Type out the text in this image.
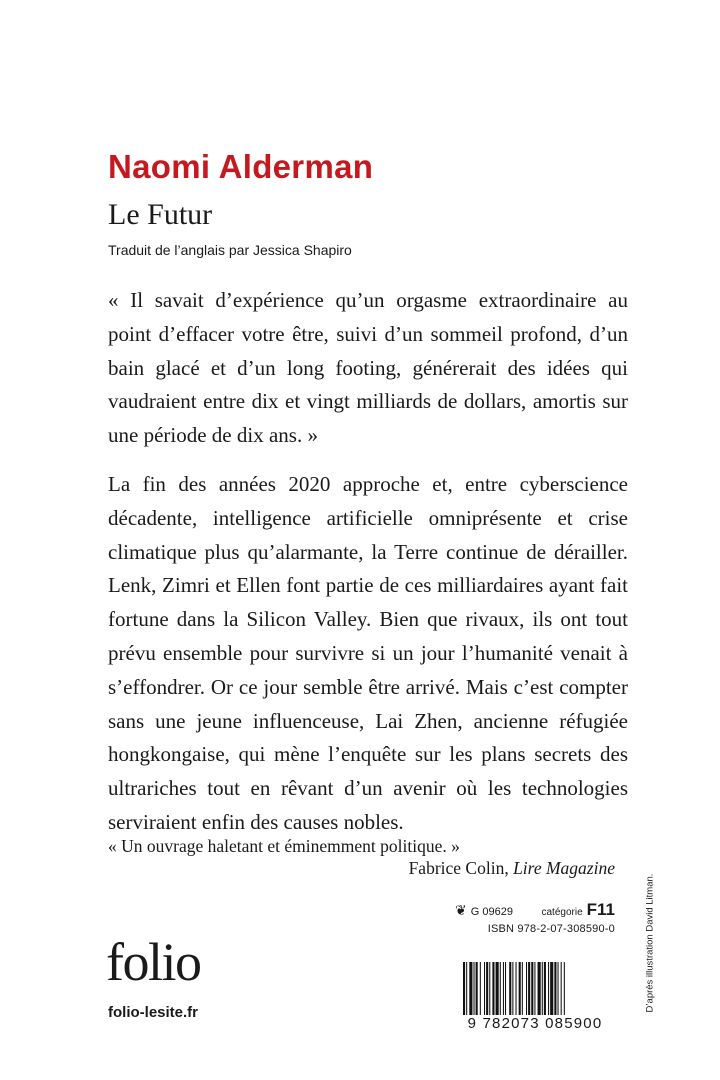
Naomi Alderman
Le Futur
Traduit de l’anglais par Jessica Shapiro
« Il savait d’expérience qu’un orgasme extraordinaire au point d’effacer votre être, suivi d’un sommeil profond, d’un bain glacé et d’un long footing, générerait des idées qui vaudraient entre dix et vingt milliards de dollars, amortis sur une période de dix ans. »
La fin des années 2020 approche et, entre cyberscience décadente, intelligence artificielle omniprésente et crise climatique plus qu’alarmante, la Terre continue de dérailler. Lenk, Zimri et Ellen font partie de ces milliardaires ayant fait fortune dans la Silicon Valley. Bien que rivaux, ils ont tout prévu ensemble pour survivre si un jour l’humanité venait à s’effondrer. Or ce jour semble être arrivé. Mais c’est compter sans une jeune influenceuse, Lai Zhen, ancienne réfugiée hongkongaise, qui mène l’enquête sur les plans secrets des ultrariches tout en rêvant d’un avenir où les technologies serviraient enfin des causes nobles.
« Un ouvrage haletant et éminemment politique. »
Fabrice Colin, Lire Magazine
D’après illustration David Litman.
❦ G 09629	catégorie F11
ISBN 978-2-07-308590-0
9 782073 085900
folio
folio-lesite.fr
